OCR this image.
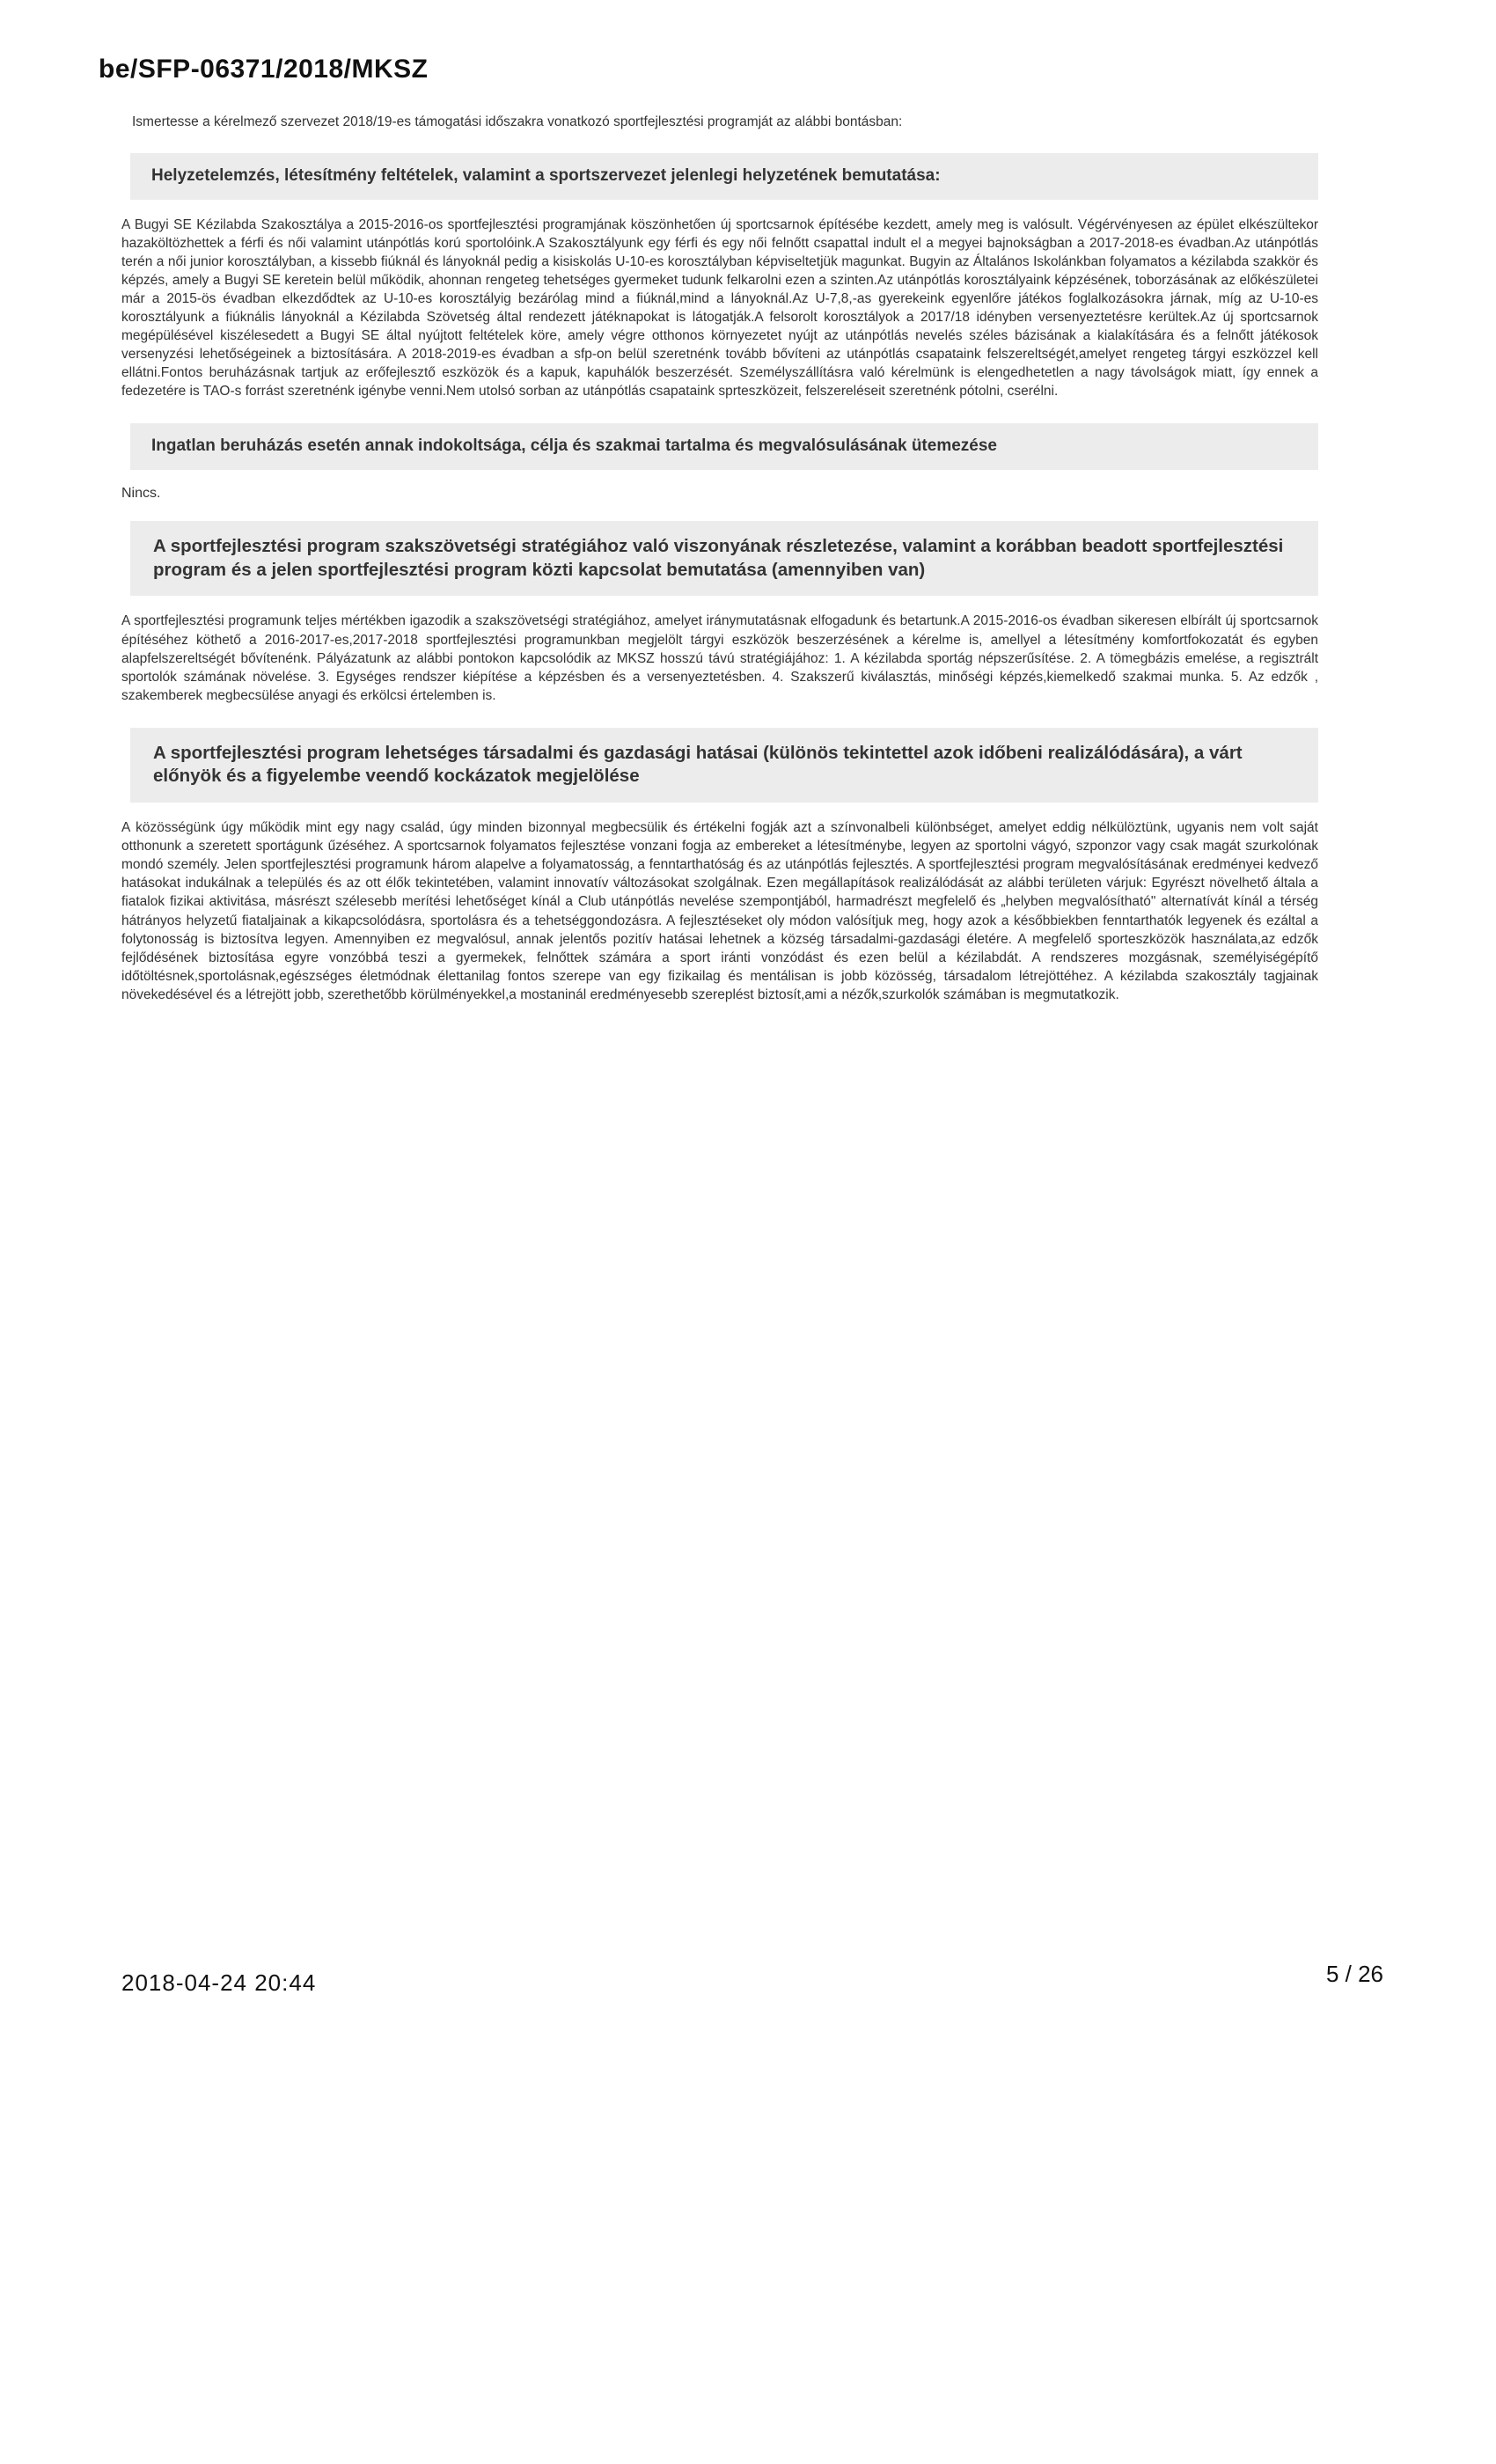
be/SFP-06371/2018/MKSZ
Ismertesse a kérelmező szervezet 2018/19-es támogatási időszakra vonatkozó sportfejlesztési programját az alábbi bontásban:
Helyzetelemzés, létesítmény feltételek, valamint a sportszervezet jelenlegi helyzetének bemutatása:
A Bugyi SE Kézilabda Szakosztálya a 2015-2016-os sportfejlesztési programjának köszönhetően új sportcsarnok építésébe kezdett, amely meg is valósult. Végérvényesen az épület elkészültekor hazaköltözhettek a férfi és női valamint utánpótlás korú sportolóink.A Szakosztályunk egy férfi és egy női felnőtt csapattal indult el a megyei bajnokságban a 2017-2018-es évadban.Az utánpótlás terén a női junior korosztályban, a kissebb fiúknál és lányoknál pedig a kisiskolás U-10-es korosztályban képviseltetjük magunkat. Bugyin az Általános Iskolánkban folyamatos a kézilabda szakkör és képzés, amely a Bugyi SE keretein belül működik, ahonnan rengeteg tehetséges gyermeket tudunk felkarolni ezen a szinten.Az utánpótlás korosztályaink képzésének, toborzásának az előkészületei már a 2015-ös évadban elkezdődtek az U-10-es korosztályig bezárólag mind a fiúknál,mind a lányoknál.Az U-7,8,-as gyerekeink egyenlőre játékos foglalkozásokra járnak, míg az U-10-es korosztályunk a fiúknális lányoknál a Kézilabda Szövetség által rendezett játéknapokat is látogatják.A felsorolt korosztályok a 2017/18 idényben versenyeztetésre kerültek.Az új sportcsarnok megépülésével kiszélesedett a Bugyi SE által nyújtott feltételek köre, amely végre otthonos környezetet nyújt az utánpótlás nevelés széles bázisának a kialakítására és a felnőtt játékosok versenyzési lehetőségeinek a biztosítására. A 2018-2019-es évadban a sfp-on belül szeretnénk tovább bővíteni az utánpótlás csapataink felszereltségét,amelyet rengeteg tárgyi eszközzel kell ellátni.Fontos beruházásnak tartjuk az erőfejlesztő eszközök és a kapuk, kapuhálók beszerzését. Személyszállításra való kérelmünk is elengedhetetlen a nagy távolságok miatt, így ennek a fedezetére is TAO-s forrást szeretnénk igénybe venni.Nem utolsó sorban az utánpótlás csapataink sprteszközeit, felszereléseit szeretnénk pótolni, cserélni.
Ingatlan beruházás esetén annak indokoltsága, célja és szakmai tartalma és megvalósulásának ütemezése
Nincs.
A sportfejlesztési program szakszövetségi stratégiához való viszonyának részletezése, valamint a korábban beadott sportfejlesztési program és a jelen sportfejlesztési program közti kapcsolat bemutatása (amennyiben van)
A sportfejlesztési programunk teljes mértékben igazodik a szakszövetségi stratégiához, amelyet iránymutatásnak elfogadunk és betartunk.A 2015-2016-os évadban sikeresen elbírált új sportcsarnok építéséhez köthető a 2016-2017-es,2017-2018 sportfejlesztési programunkban megjelölt tárgyi eszközök beszerzésének a kérelme is, amellyel a létesítmény komfortfokozatát és egyben alapfelszereltségét bővítenénk. Pályázatunk az alábbi pontokon kapcsolódik az MKSZ hosszú távú stratégiájához: 1. A kézilabda sportág népszerűsítése. 2. A tömegbázis emelése, a regisztrált sportolók számának növelése. 3. Egységes rendszer kiépítése a képzésben és a versenyeztetésben. 4. Szakszerű kiválasztás, minőségi képzés,kiemelkedő szakmai munka. 5. Az edzők , szakemberek megbecsülése anyagi és erkölcsi értelemben is.
A sportfejlesztési program lehetséges társadalmi és gazdasági hatásai (különös tekintettel azok időbeni realizálódására), a várt előnyök és a figyelembe veendő kockázatok megjelölése
A közösségünk úgy működik mint egy nagy család, úgy minden bizonnyal megbecsülik és értékelni fogják azt a színvonalbeli különbséget, amelyet eddig nélkülöztünk, ugyanis nem volt saját otthonunk a szeretett sportágunk űzéséhez. A sportcsarnok folyamatos fejlesztése vonzani fogja az embereket a létesítménybe, legyen az sportolni vágyó, szponzor vagy csak magát szurkolónak mondó személy. Jelen sportfejlesztési programunk három alapelve a folyamatosság, a fenntarthatóság és az utánpótlás fejlesztés. A sportfejlesztési program megvalósításának eredményei kedvező hatásokat indukálnak a település és az ott élők tekintetében, valamint innovatív változásokat szolgálnak. Ezen megállapítások realizálódását az alábbi területen várjuk: Egyrészt növelhető általa a fiatalok fizikai aktivitása, másrészt szélesebb merítési lehetőséget kínál a Club utánpótlás nevelése szempontjából, harmadrészt megfelelő és „helyben megvalósítható" alternatívát kínál a térség hátrányos helyzetű fiataljainak a kikapcsolódásra, sportolásra és a tehetséggondozásra. A fejlesztéseket oly módon valósítjuk meg, hogy azok a későbbiekben fenntarthatók legyenek és ezáltal a folytonosság is biztosítva legyen. Amennyiben ez megvalósul, annak jelentős pozitív hatásai lehetnek a község társadalmi-gazdasági életére. A megfelelő sporteszközök használata,az edzők fejlődésének biztosítása egyre vonzóbbá teszi a gyermekek, felnőttek számára a sport iránti vonzódást és ezen belül a kézilabdát. A rendszeres mozgásnak, személyiségépítő időtöltésnek,sportolásnak,egészséges életmódnak élettanilag fontos szerepe van egy fizikailag és mentálisan is jobb közösség, társadalom létrejöttéhez. A kézilabda szakosztály tagjainak növekedésével és a létrejött jobb, szerethetőbb körülményekkel,a mostaninál eredményesebb szereplést biztosít,ami a nézők,szurkolók számában is megmutatkozik.
2018-04-24 20:44	5 / 26
